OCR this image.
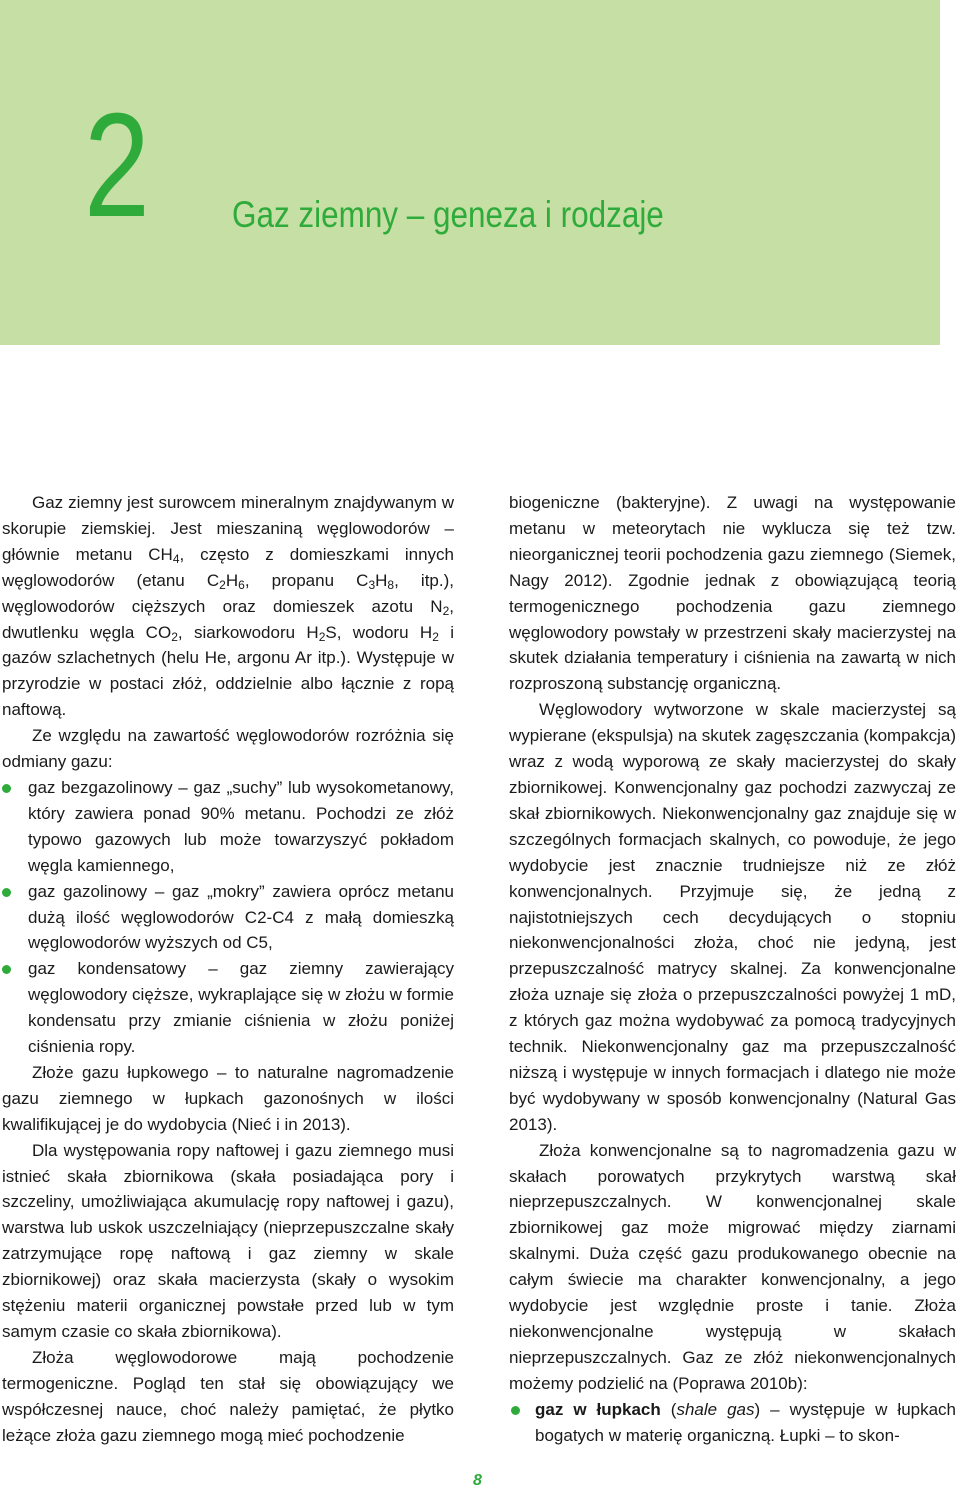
2 Gaz ziemny – geneza i rodzaje

Gaz ziemny jest surowcem mineralnym znajdywanym w skorupie ziemskiej. Jest mieszaniną węglowodorów – głównie metanu $CH_4$, często z domieszkami innych węglowodorów (etanu $C_2H_6$, propanu $C_3H_8$, itp.), węglowodorów cięższych oraz domieszek azotu $N_2$, dwutlenku węgla $CO_2$, siarkowodoru $H_2S$, wodoru $H_2$ i gazów szlachetnych (helu He, argonu Ar itp.). Występuje w przyrodzie w postaci złóż, oddzielnie albo łącznie z ropą naftową.

Ze względu na zawartość węglowodorów rozróżnia się odmiany gazu:

gaz bezgazolinowy – gaz „suchy” lub wysokometanowy, który zawiera ponad 90% metanu. Pochodzi ze złóż typowo gazowych lub może towarzyszyć pokładom węgla kamiennego,
gaz gazolinowy – gaz „mokry” zawiera oprócz metanu dużą ilość węglowodorów C2-C4 z małą domieszką węglowodorów wyższych od C5,
gaz kondensatowy – gaz ziemny zawierający węglowodory cięższe, wykraplające się w złożu w formie kondensatu przy zmianie ciśnienia w złożu poniżej ciśnienia ropy.

Złoże gazu łupkowego – to naturalne nagromadzenie gazu ziemnego w łupkach gazonośnych w ilości kwalifikującej je do wydobycia (Nieć i in 2013).

Dla występowania ropy naftowej i gazu ziemnego musi istnieć skała zbiornikowa (skała posiadająca pory i szczeliny, umożliwiająca akumulację ropy naftowej i gazu), warstwa lub uskok uszczelniający (nieprzepuszczalne skały zatrzymujące ropę naftową i gaz ziemny w skale zbiornikowej) oraz skała macierzysta (skały o wysokim stężeniu materii organicznej powstałe przed lub w tym samym czasie co skała zbiornikowa).

Złoża węglowodorowe mają pochodzenie termogeniczne. Pogląd ten stał się obowiązujący we współczesnej nauce, choć należy pamiętać, że płytko leżące złoża gazu ziemnego mogą mieć pochodzenie

biogeniczne (bakteryjne). Z uwagi na występowanie metanu w meteorytach nie wyklucza się też tzw. nieorganicznej teorii pochodzenia gazu ziemnego (Siemek, Nagy 2012). Zgodnie jednak z obowiązującą teorią termogenicznego pochodzenia gazu ziemnego węglowodory powstały w przestrzeni skały macierzystej na skutek działania temperatury i ciśnienia na zawartą w nich rozproszoną substancję organiczną.

Węglowodory wytworzone w skale macierzystej są wypierane (ekspulsja) na skutek zagęszczania (kompakcja) wraz z wodą wyporową ze skały macierzystej do skały zbiornikowej. Konwencjonalny gaz pochodzi zazwyczaj ze skał zbiornikowych. Niekonwencjonalny gaz znajduje się w szczególnych formacjach skalnych, co powoduje, że jego wydobycie jest znacznie trudniejsze niż ze złóż konwencjonalnych. Przyjmuje się, że jedną z najistotniejszych cech decydujących o stopniu niekonwencjonalności złoża, choć nie jedyną, jest przepuszczalność matrycy skalnej. Za konwencjonalne złoża uznaje się złoża o przepuszczalności powyżej 1 mD, z których gaz można wydobywać za pomocą tradycyjnych technik. Niekonwencjonalny gaz ma przepuszczalność niższą i występuje w innych formacjach i dlatego nie może być wydobywany w sposób konwencjonalny (Natural Gas 2013).

Złoża konwencjonalne są to nagromadzenia gazu w skałach porowatych przykrytych warstwą skał nieprzepuszczalnych. W konwencjonalnej skale zbiornikowej gaz może migrować między ziarnami skalnymi. Duża część gazu produkowanego obecnie na całym świecie ma charakter konwencjonalny, a jego wydobycie jest względnie proste i tanie. Złoża niekonwencjonalne występują w skałach nieprzepuszczalnych. Gaz ze złóż niekonwencjonalnych możemy podzielić na (Poprawa 2010b):

gaz w łupkach (shale gas) – występuje w łupkach bogatych w materię organiczną. Łupki – to skon-
8
